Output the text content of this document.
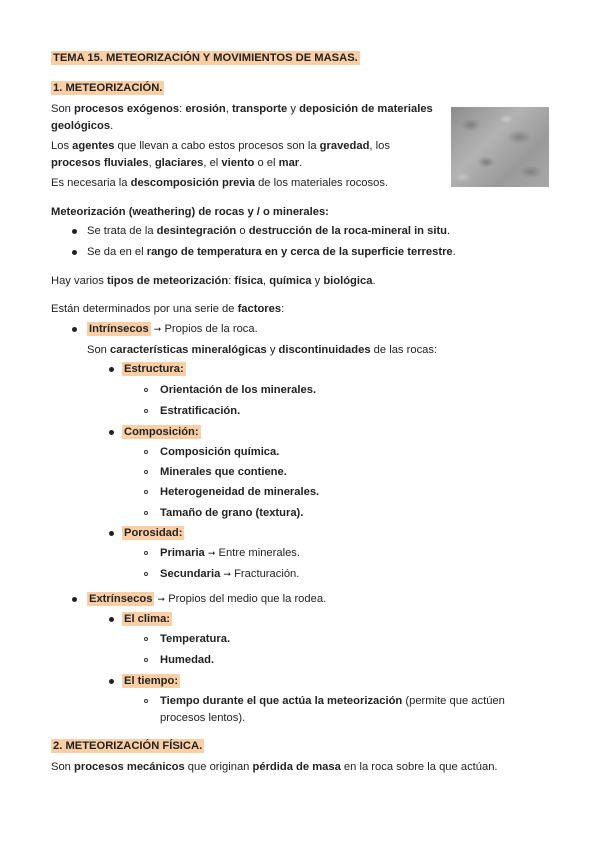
TEMA 15. METEORIZACIÓN Y MOVIMIENTOS DE MASAS.
1. METEORIZACIÓN.
Son procesos exógenos: erosión, transporte y deposición de materiales
geológicos.
Los agentes que llevan a cabo estos procesos son la gravedad, los
procesos fluviales, glaciares, el viento o el mar.
Es necesaria la descomposición previa de los materiales rocosos.
Meteorización (weathering) de rocas y / o minerales:
Se trata de la desintegración o destrucción de la roca-mineral in situ.
Se da en el rango de temperatura en y cerca de la superficie terrestre.
Hay varios tipos de meteorización: física, química y biológica.
Están determinados por una serie de factores:
Intrínsecos ➞ Propios de la roca.
Son características mineralógicas y discontinuidades de las rocas:
Estructura:
Orientación de los minerales.
Estratificación.
Composición:
Composición química.
Minerales que contiene.
Heterogeneidad de minerales.
Tamaño de grano (textura).
Porosidad:
Primaria ➞ Entre minerales.
Secundaria ➞ Fracturación.
Extrínsecos ➞ Propios del medio que la rodea.
El clima:
Temperatura.
Humedad.
El tiempo:
Tiempo durante el que actúa la meteorización (permite que actúen
procesos lentos).
2. METEORIZACIÓN FÍSICA.
Son procesos mecánicos que originan pérdida de masa en la roca sobre la que actúan.
